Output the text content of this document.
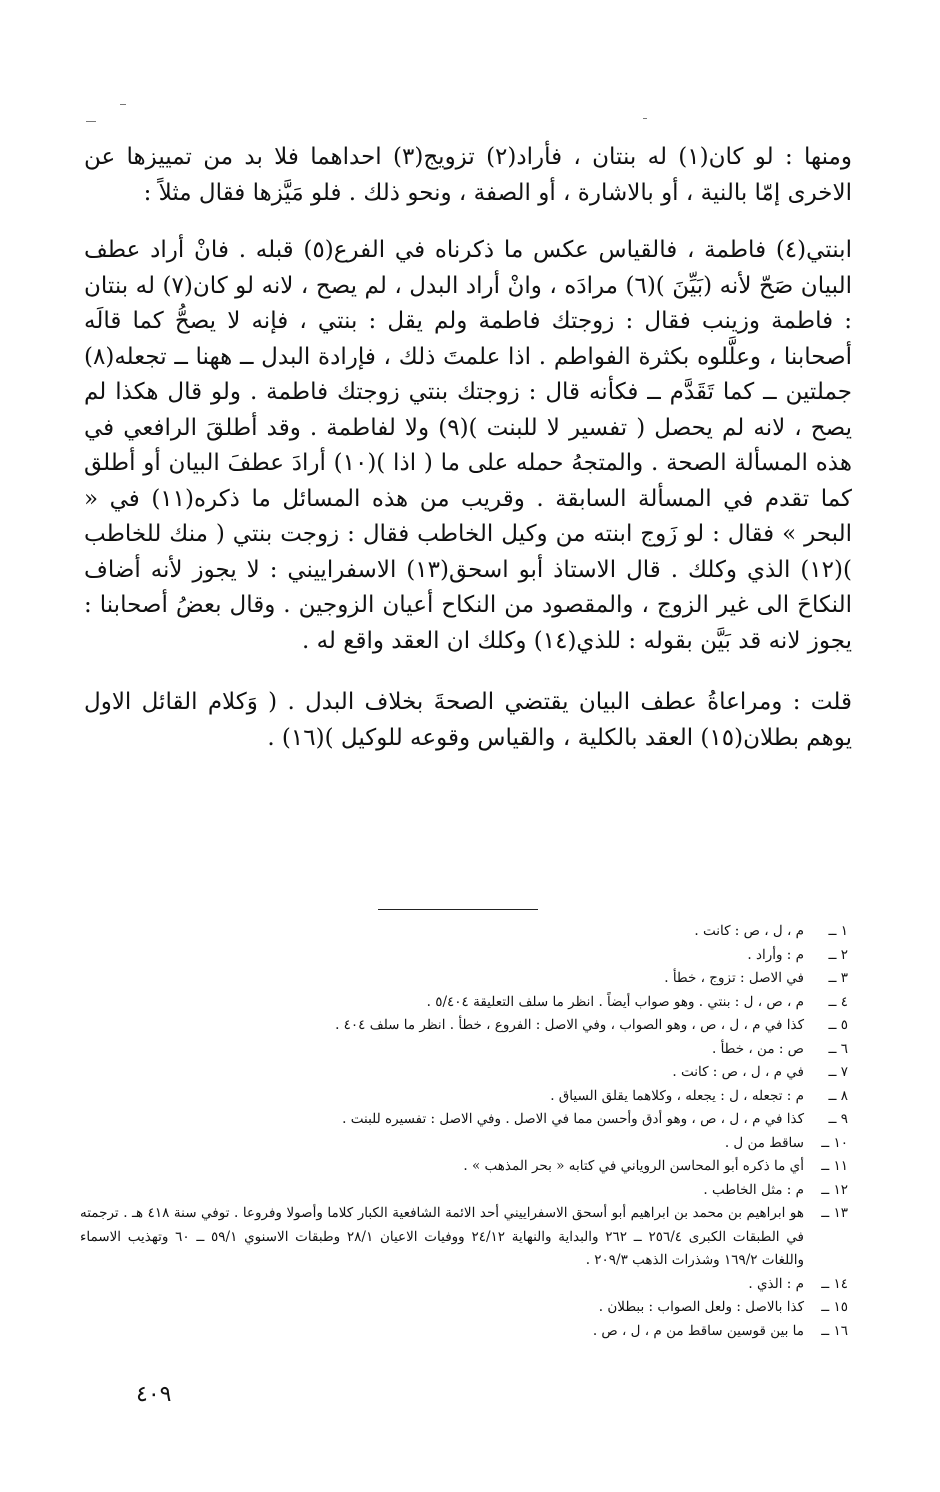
ومنها : لو كان(١) له بنتان ، فأراد(٢) تزويج(٣) احداهما فلا بد من تمييزها عن الاخرى إمّا بالنية ، أو بالاشارة ، أو الصفة ، ونحو ذلك . فلو مَيَّزها فقال مثلاً :

ابنتي(٤) فاطمة ، فالقياس عكس ما ذكرناه في الفرع(٥) قبله . فانْ أراد عطف البيان صَحّ لأنه (بَيِّنَ )(٦) مرادَه ، وانْ أراد البدل ، لم يصح ، لانه لو كان(٧) له بنتان : فاطمة وزينب فقال : زوجتك فاطمة ولم يقل : بنتي ، فإنه لا يصحُّ كما قالَه أصحابنا ، وعلَّلوه بكثرة الفواطم . اذا علمتَ ذلك ، فإرادة البدل ــ ههنا ــ تجعله(٨) جملتين ــ كما تَقَدَّم ــ فكأنه قال : زوجتك بنتي زوجتك فاطمة . ولو قال هكذا لم يصح ، لانه لم يحصل ( تفسير لا للبنت )(٩) ولا لفاطمة . وقد أطلقَ الرافعي في هذه المسألة الصحة . والمتجهُ حمله على ما ( اذا )(١٠) أرادَ عطفَ البيان أو أطلق كما تقدم في المسألة السابقة . وقريب من هذه المسائل ما ذكره(١١) في « البحر » فقال : لو زَوج ابنته من وكيل الخاطب فقال : زوجت بنتي ( منك للخاطب )(١٢) الذي وكلك . قال الاستاذ أبو اسحق(١٣) الاسفراييني : لا يجوز لأنه أضاف النكاحَ الى غير الزوج ، والمقصود من النكاح أعيان الزوجين . وقال بعضُ أصحابنا : يجوز لانه قد بَيَّن بقوله : للذي(١٤) وكلك ان العقد واقع له .

قلت : ومراعاةُ عطف البيان يقتضي الصحةَ بخلاف البدل . ( وَكلام القائل الاول يوهم بطلان(١٥) العقد بالكلية ، والقياس وقوعه للوكيل )(١٦) .

١ ــ
م ، ل ، ص : كانت .
٢ ــ
م : وأراد .
٣ ــ
في الاصل : تزوج ، خطأ .
٤ ــ
م ، ص ، ل : بنتي . وهو صواب أيضاً . انظر ما سلف التعليقة ٥/٤٠٤ .
٥ ــ
كذا في م ، ل ، ص ، وهو الصواب ، وفي الاصل : الفروع ، خطأ . انظر ما سلف ٤٠٤ .
٦ ــ
ص : من ، خطأ .
٧ ــ
في م ، ل ، ص : كانت .
٨ ــ
م : تجعله ، ل : يجعله ، وكلاهما يقلق السياق .
٩ ــ
كذا في م ، ل ، ص ، وهو أدق وأحسن مما في الاصل . وفي الاصل : تفسيره للبنت .
١٠ ــ
ساقط من ل .
١١ ــ
أي ما ذكره أبو المحاسن الروياني في كتابه « بحر المذهب » .
١٢ ــ
م : مثل الخاطب .
١٣ ــ
هو ابراهيم بن محمد بن ابراهيم أبو أسحق الاسفراييني أحد الائمة الشافعية الكبار كلاما وأصولا وفروعا . توفي سنة ٤١٨ هـ . ترجمته في الطبقات الكبرى ٢٥٦/٤ ــ ٢٦٢ والبداية والنهاية ٢٤/١٢ ووفيات الاعيان ٢٨/١ وطبقات الاسنوي ٥٩/١ ــ ٦٠ وتهذيب الاسماء واللغات ١٦٩/٢ وشذرات الذهب ٢٠٩/٣ .
١٤ ــ
م : الذي .
١٥ ــ
كذا بالاصل : ولعل الصواب : ببطلان .
١٦ ــ
ما بين قوسين ساقط من م ، ل ، ص .
٤٠٩
